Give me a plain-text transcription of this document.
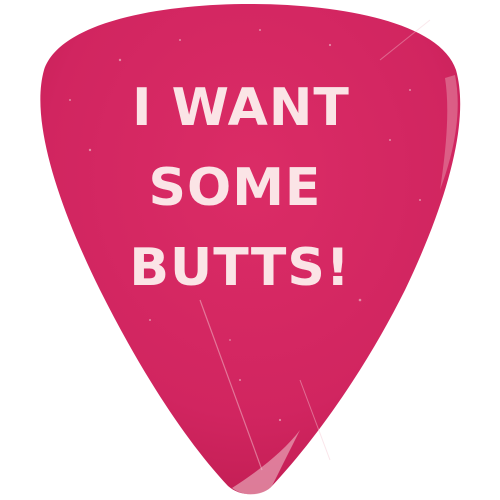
I WANT
SOME
BUTTS!
